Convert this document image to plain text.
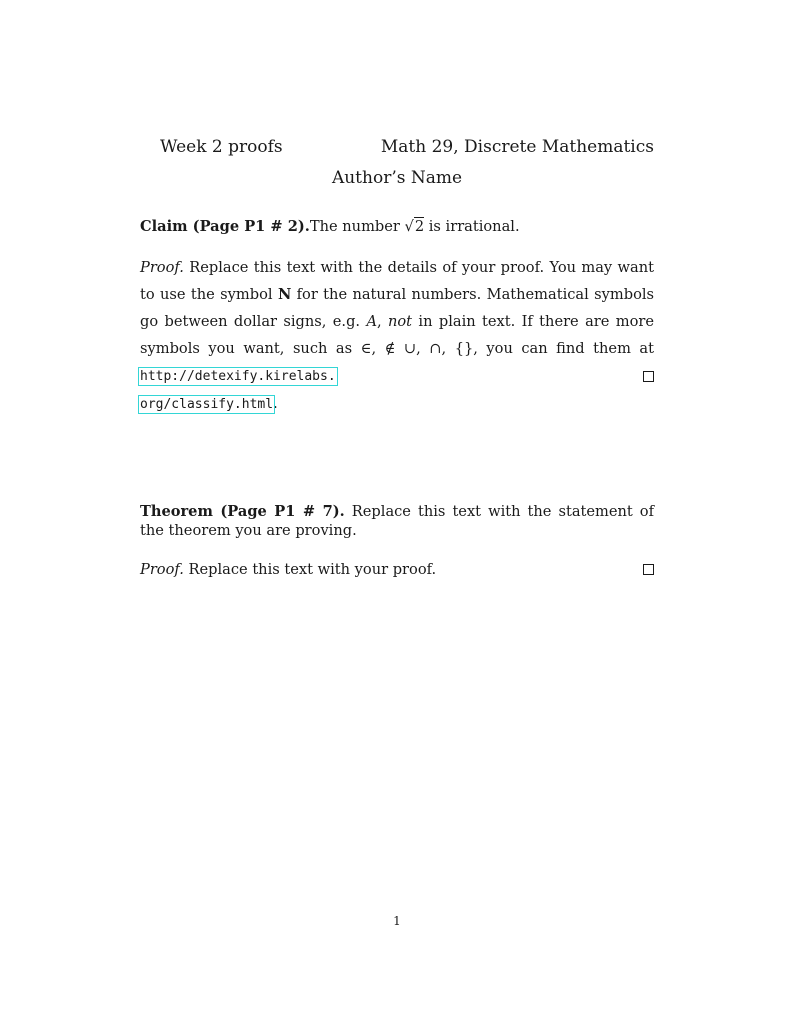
Week 2 proofs	Math 29, Discrete Mathematics
Author’s Name
Claim (Page P1 # 2).The number √2 is irrational.
Proof. Replace this text with the details of your proof. You may want to use the symbol N for the natural numbers. Mathematical symbols go between dollar signs, e.g. A, not in plain text. If there are more symbols you want, such as ∈, ∉ ∪, ∩, {}, you can find them at http://detexify.kirelabs.
org/classify.html.
Theorem (Page P1 # 7). Replace this text with the statement of the theorem you are proving.
Proof. Replace this text with your proof.
1
